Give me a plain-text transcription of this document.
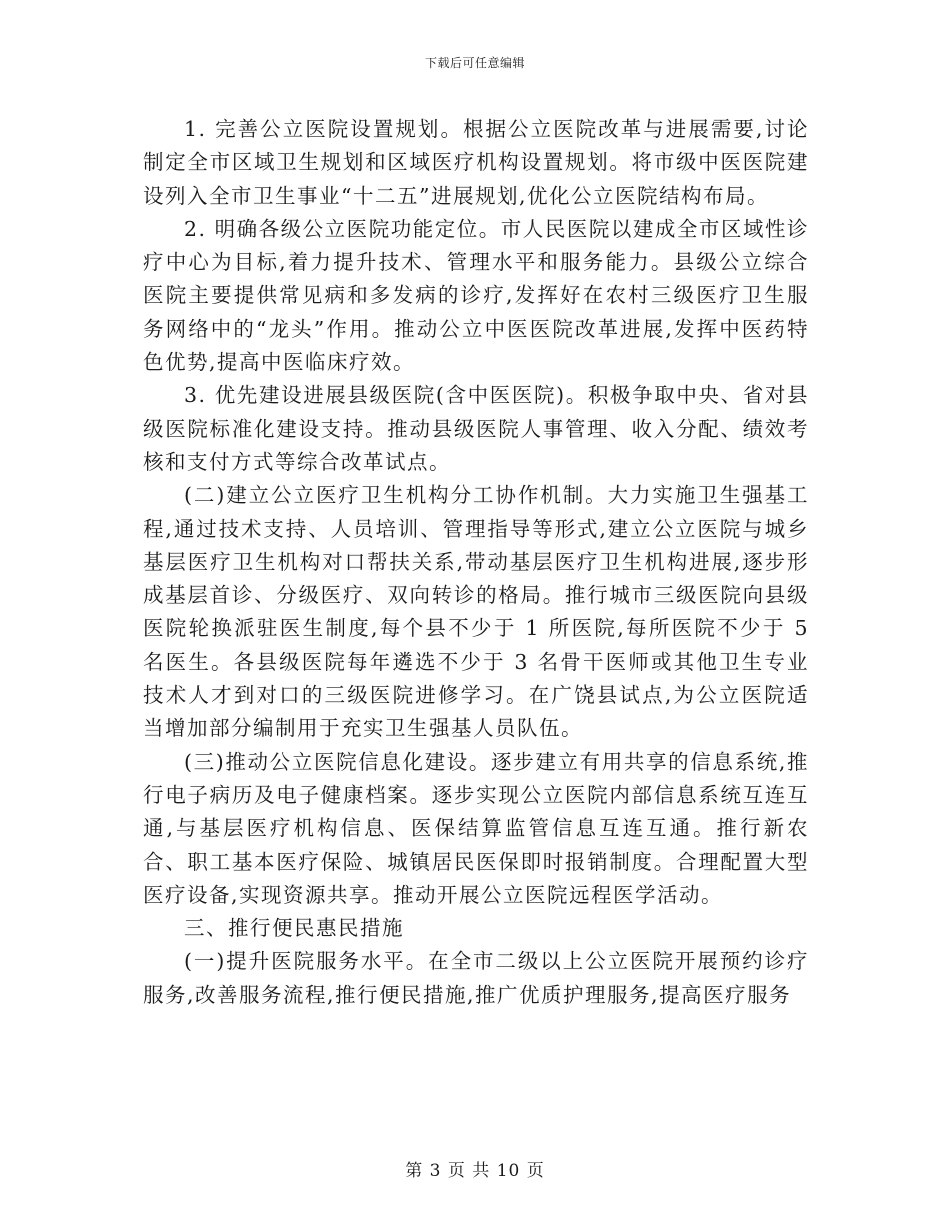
下载后可任意编辑

1. 完善公立医院设置规划。根据公立医院改革与进展需要,讨论制定全市区域卫生规划和区域医疗机构设置规划。将市级中医医院建设列入全市卫生事业“十二五”进展规划,优化公立医院结构布局。

2. 明确各级公立医院功能定位。市人民医院以建成全市区域性诊疗中心为目标,着力提升技术、管理水平和服务能力。县级公立综合医院主要提供常见病和多发病的诊疗,发挥好在农村三级医疗卫生服务网络中的“龙头”作用。推动公立中医医院改革进展,发挥中医药特色优势,提高中医临床疗效。

3. 优先建设进展县级医院(含中医医院)。积极争取中央、省对县级医院标准化建设支持。推动县级医院人事管理、收入分配、绩效考核和支付方式等综合改革试点。

(二)建立公立医疗卫生机构分工协作机制。大力实施卫生强基工程,通过技术支持、人员培训、管理指导等形式,建立公立医院与城乡基层医疗卫生机构对口帮扶关系,带动基层医疗卫生机构进展,逐步形成基层首诊、分级医疗、双向转诊的格局。推行城市三级医院向县级医院轮换派驻医生制度,每个县不少于 1 所医院,每所医院不少于 5 名医生。各县级医院每年遴选不少于 3 名骨干医师或其他卫生专业技术人才到对口的三级医院进修学习。在广饶县试点,为公立医院适当增加部分编制用于充实卫生强基人员队伍。

(三)推动公立医院信息化建设。逐步建立有用共享的信息系统,推行电子病历及电子健康档案。逐步实现公立医院内部信息系统互连互通,与基层医疗机构信息、医保结算监管信息互连互通。推行新农合、职工基本医疗保险、城镇居民医保即时报销制度。合理配置大型医疗设备,实现资源共享。推动开展公立医院远程医学活动。

三、推行便民惠民措施

(一)提升医院服务水平。在全市二级以上公立医院开展预约诊疗服务,改善服务流程,推行便民措施,推广优质护理服务,提高医疗服务

第 3 页 共 10 页
